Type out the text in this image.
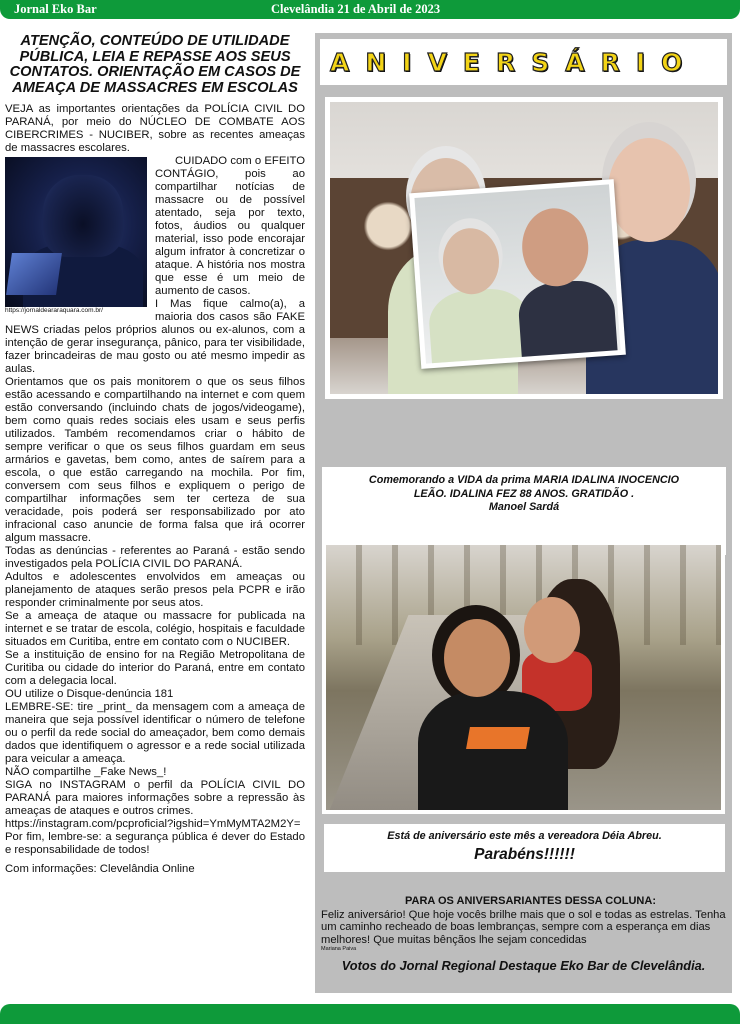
Jornal Eko Bar	Clevelândia 21 de Abril de 2023
ATENÇÃO, CONTEÚDO DE UTILIDADE PÚBLICA, LEIA E REPASSE AOS SEUS CONTATOS. ORIENTAÇÃO EM CASOS DE AMEAÇA DE MASSACRES EM ESCOLAS

VEJA as importantes orientações da POLÍCIA CIVIL DO PARANÁ, por meio do NÚCLEO DE COMBATE AOS CIBERCRIMES - NUCIBER, sobre as recentes ameaças de massacres escolares.

https://jornaldeararaquara.com.br/

CUIDADO com o EFEITO CONTÁGIO, pois ao compartilhar notícias de massacre ou de possível atentado, seja por texto, fotos, áudios ou qualquer material, isso pode encorajar algum infrator à concretizar o ataque. A história nos mostra que esse é um meio de aumento de casos.

I Mas fique calmo(a), a maioria dos casos são FAKE NEWS criadas pelos próprios alunos ou ex-alunos, com a intenção de gerar insegurança, pânico, para ter visibilidade, fazer brincadeiras de mau gosto ou até mesmo impedir as aulas.

Orientamos que os pais monitorem o que os seus filhos estão acessando e compartilhando na internet e com quem estão conversando (incluindo chats de jogos/videogame), bem como quais redes sociais eles usam e seus perfis utilizados. Também recomendamos criar o hábito de sempre verificar o que os seus filhos guardam em seus armários e gavetas, bem como, antes de saírem para a escola, o que estão carregando na mochila. Por fim, conversem com seus filhos e expliquem o perigo de compartilhar informações sem ter certeza de sua veracidade, pois poderá ser responsabilizado por ato infracional caso anuncie de forma falsa que irá ocorrer algum massacre.

Todas as denúncias - referentes ao Paraná - estão sendo investigados pela POLÍCIA CIVIL DO PARANÁ.

Adultos e adolescentes envolvidos em ameaças ou planejamento de ataques serão presos pela PCPR e irão responder criminalmente por seus atos.

Se a ameaça de ataque ou massacre for publicada na internet e se tratar de escola, colégio, hospitais e faculdade situados em Curitiba, entre em contato com o NUCIBER.

Se a instituição de ensino for na Região Metropolitana de Curitiba ou cidade do interior do Paraná, entre em contato com a delegacia local.

OU utilize o Disque-denúncia 181

LEMBRE-SE: tire _print_ da mensagem com a ameaça de maneira que seja possível identificar o número de telefone ou o perfil da rede social do ameaçador, bem como demais dados que identifiquem o agressor e a rede social utilizada para veicular a ameaça.

NÃO compartilhe _Fake News_!

SIGA no INSTAGRAM o perfil da POLÍCIA CIVIL DO PARANÁ para maiores informações sobre a repressão às ameaças de ataques e outros crimes.

https://instagram.com/pcproficial?igshid=YmMyMTA2M2Y=

Por fim, lembre-se: a segurança pública é dever do Estado e responsabilidade de todos!

Com informações: Clevelândia Online

ANIVERSÁRIO
Comemorando a VIDA da prima MARIA IDALINA INOCENCIO
LEÃO. IDALINA FEZ 88 ANOS. GRATIDÃO .
Manoel Sardá
Está de aniversário este mês a vereadora Déia Abreu.
Parabéns!!!!!!
PARA OS ANIVERSARIANTES DESSA COLUNA:
Feliz aniversário! Que hoje vocês brilhe mais que o sol e todas as estrelas. Tenha um caminho recheado de boas lembranças, sempre com a esperança em dias melhores! Que muitas bênçãos lhe sejam concedidas
Mariana Paiva
Votos do Jornal Regional Destaque Eko Bar de Clevelândia.
